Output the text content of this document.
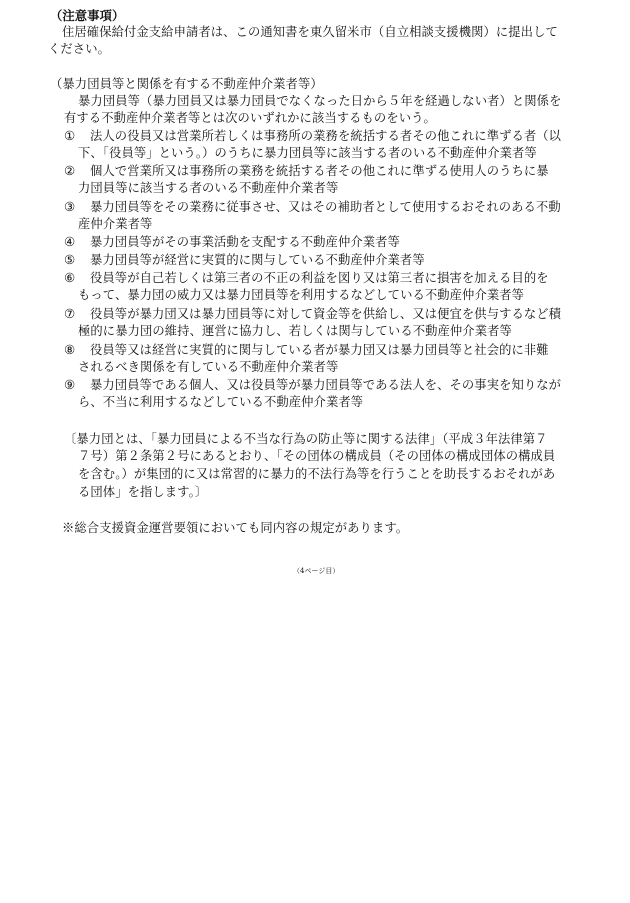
（注意事項）

住居確保給付金支給申請者は、この通知書を東久留米市（自立相談支援機関）に提出して

ください。

（暴力団員等と関係を有する不動産仲介業者等）

暴力団員等（暴力団員又は暴力団員でなくなった日から５年を経過しない者）と関係を

有する不動産仲介業者等とは次のいずれかに該当するものをいう。

① 法人の役員又は営業所若しくは事務所の業務を統括する者その他これに準ずる者（以

下、「役員等」という。）のうちに暴力団員等に該当する者のいる不動産仲介業者等

② 個人で営業所又は事務所の業務を統括する者その他これに準ずる使用人のうちに暴

力団員等に該当する者のいる不動産仲介業者等

③ 暴力団員等をその業務に従事させ、又はその補助者として使用するおそれのある不動

産仲介業者等

④ 暴力団員等がその事業活動を支配する不動産仲介業者等

⑤ 暴力団員等が経営に実質的に関与している不動産仲介業者等

⑥ 役員等が自己若しくは第三者の不正の利益を図り又は第三者に損害を加える目的を

もって、暴力団の威力又は暴力団員等を利用するなどしている不動産仲介業者等

⑦ 役員等が暴力団又は暴力団員等に対して資金等を供給し、又は便宜を供与するなど積

極的に暴力団の維持、運営に協力し、若しくは関与している不動産仲介業者等

⑧ 役員等又は経営に実質的に関与している者が暴力団又は暴力団員等と社会的に非難

されるべき関係を有している不動産仲介業者等

⑨ 暴力団員等である個人、又は役員等が暴力団員等である法人を、その事実を知りなが

ら、不当に利用するなどしている不動産仲介業者等

〔暴力団とは、「暴力団員による不当な行為の防止等に関する法律」（平成３年法律第７

７号）第２条第２号にあるとおり、「その団体の構成員（その団体の構成団体の構成員

を含む。）が集団的に又は常習的に暴力的不法行為等を行うことを助長するおそれがあ

る団体」を指します。〕

※総合支援資金運営要領においても同内容の規定があります。

（4ページ目）
